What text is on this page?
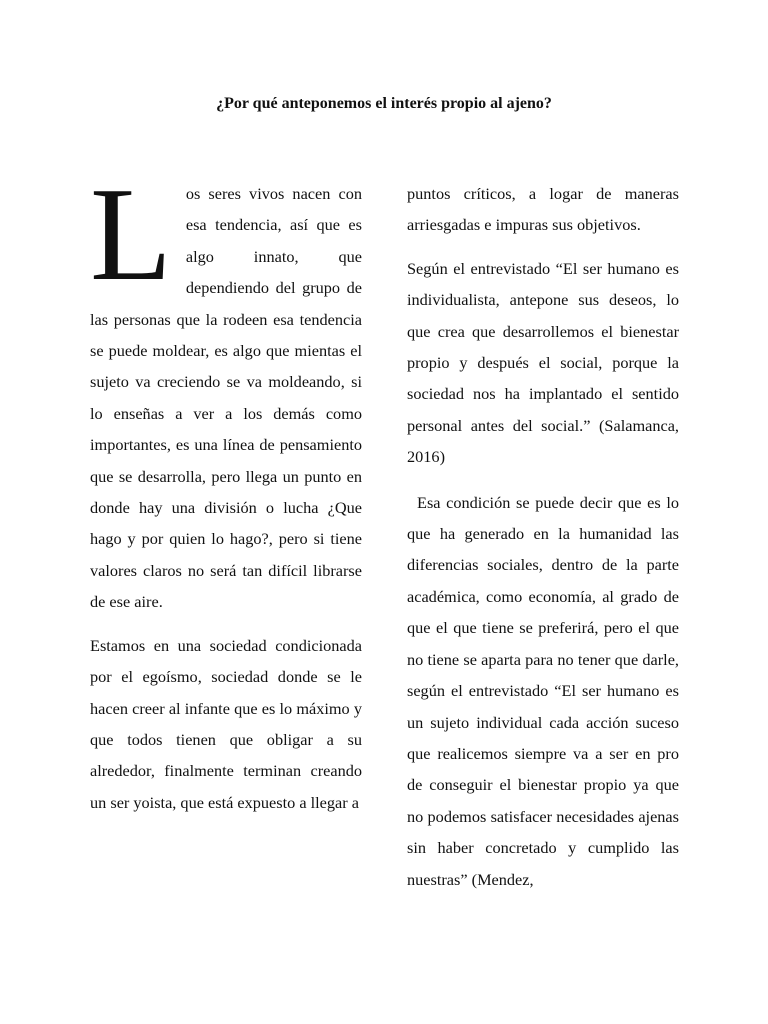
¿Por qué anteponemos el interés propio al ajeno?

Los seres vivos nacen con esa tendencia, así que es algo innato, que dependiendo del grupo de las personas que la rodeen esa tendencia se puede moldear, es algo que mientas el sujeto va creciendo se va moldeando, si lo enseñas a ver a los demás como importantes, es una línea de pensamiento que se desarrolla, pero llega un punto en donde hay una división o lucha ¿Que hago y por quien lo hago?, pero si tiene valores claros no será tan difícil librarse de ese aire.

Estamos en una sociedad condicionada por el egoísmo, sociedad donde se le hacen creer al infante que es lo máximo y que todos tienen que obligar a su alrededor, finalmente terminan creando un ser yoista, que está expuesto a llegar a

puntos críticos, a logar de maneras arriesgadas e impuras sus objetivos.

Según el entrevistado “El ser humano es individualista, antepone sus deseos, lo que crea que desarrollemos el bienestar propio y después el social, porque la sociedad nos ha implantado el sentido personal antes del social.” (Salamanca, 2016)

Esa condición se puede decir que es lo que ha generado en la humanidad las diferencias sociales, dentro de la parte académica, como economía, al grado de que el que tiene se preferirá, pero el que no tiene se aparta para no tener que darle, según el entrevistado “El ser humano es un sujeto individual cada acción suceso que realicemos siempre va a ser en pro de conseguir el bienestar propio ya que no podemos satisfacer necesidades ajenas sin haber concretado y cumplido las nuestras” (Mendez,
